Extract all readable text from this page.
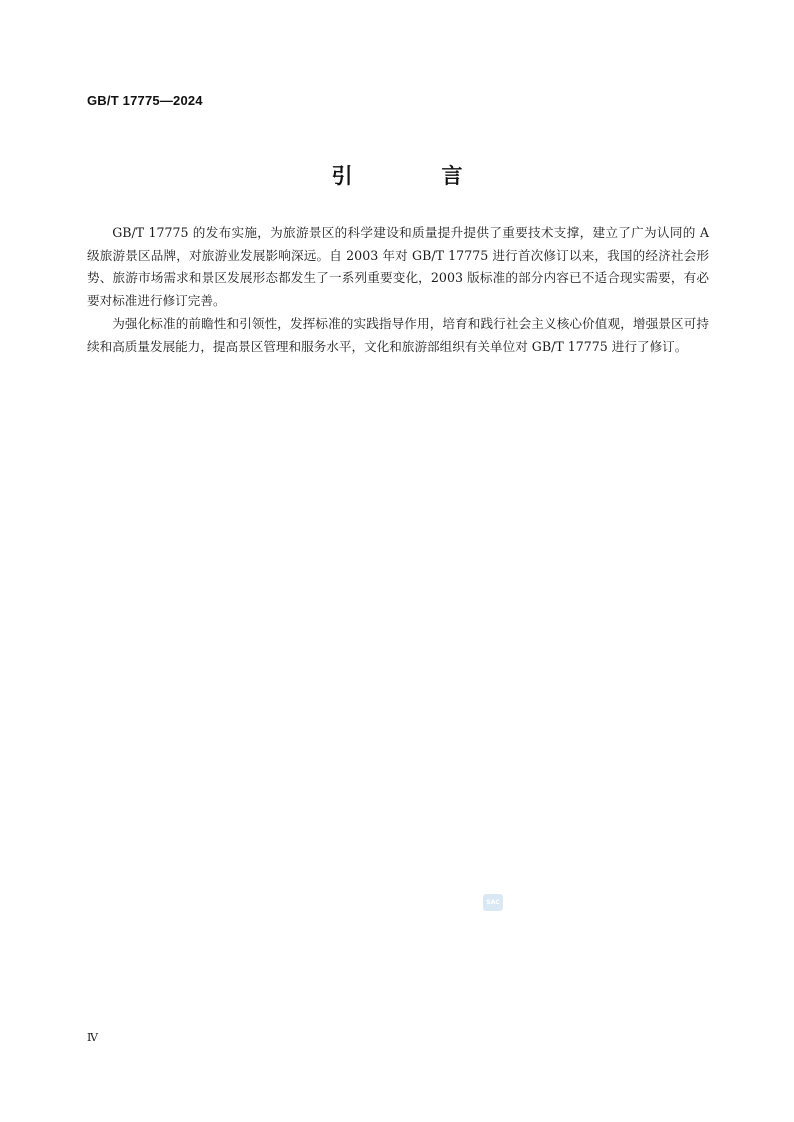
GB/T 17775—2024
引　言

GB/T 17775 的发布实施，为旅游景区的科学建设和质量提升提供了重要技术支撑，建立了广为认同的 A 级旅游景区品牌，对旅游业发展影响深远。自 2003 年对 GB/T 17775 进行首次修订以来，我国的经济社会形势、旅游市场需求和景区发展形态都发生了一系列重要变化，2003 版标准的部分内容已不适合现实需要，有必要对标准进行修订完善。

为强化标准的前瞻性和引领性，发挥标准的实践指导作用，培育和践行社会主义核心价值观，增强景区可持续和高质量发展能力，提高景区管理和服务水平，文化和旅游部组织有关单位对 GB/T 17775 进行了修订。

SAC
Ⅳ
